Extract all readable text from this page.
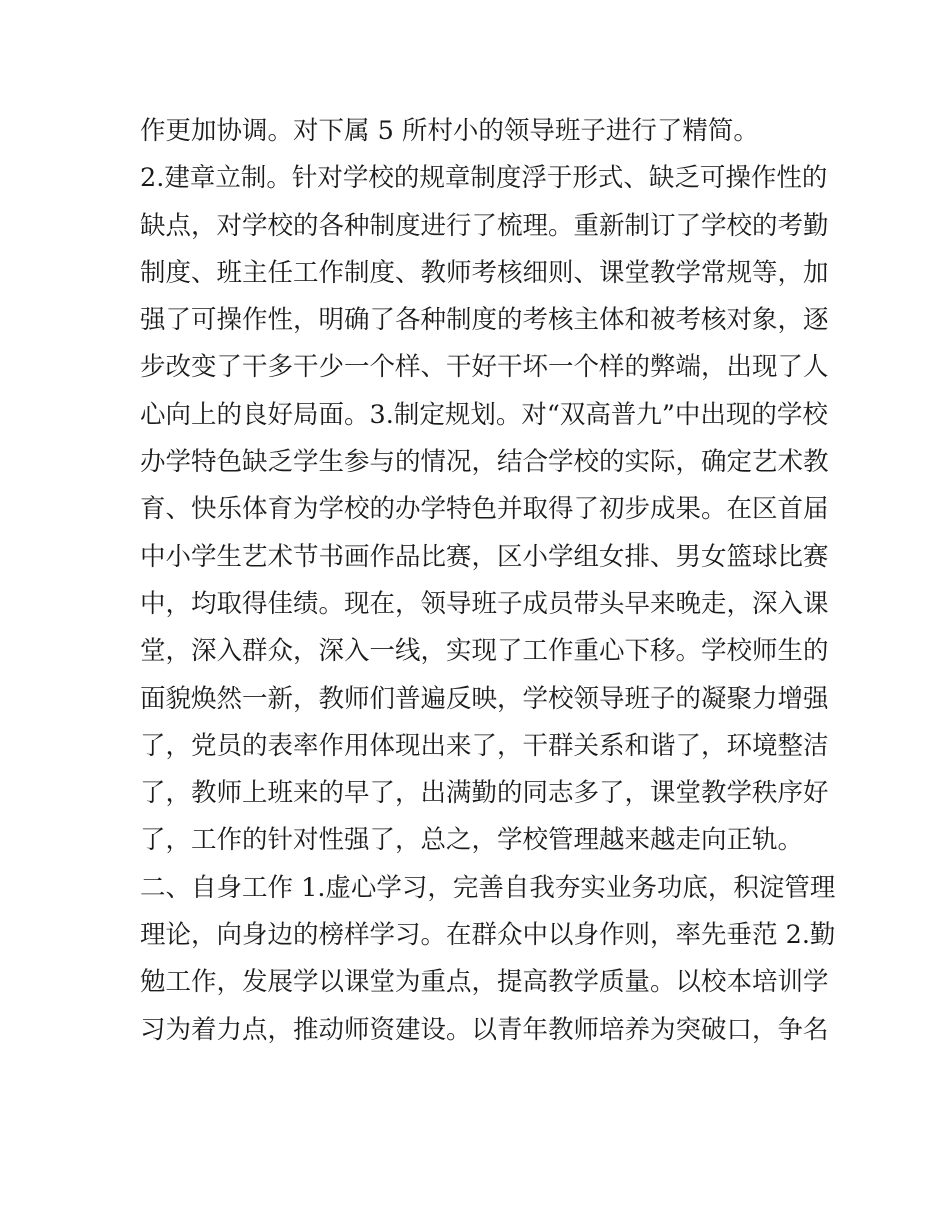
作更加协调。对下属 5 所村小的领导班子进行了精简。
2.建章立制。针对学校的规章制度浮于形式、缺乏可操作性的
缺点，对学校的各种制度进行了梳理。重新制订了学校的考勤
制度、班主任工作制度、教师考核细则、课堂教学常规等，加
强了可操作性，明确了各种制度的考核主体和被考核对象，逐
步改变了干多干少一个样、干好干坏一个样的弊端，出现了人
心向上的良好局面。3.制定规划。对“双高普九”中出现的学校
办学特色缺乏学生参与的情况，结合学校的实际，确定艺术教
育、快乐体育为学校的办学特色并取得了初步成果。在区首届
中小学生艺术节书画作品比赛，区小学组女排、男女篮球比赛
中，均取得佳绩。现在，领导班子成员带头早来晚走，深入课
堂，深入群众，深入一线，实现了工作重心下移。学校师生的
面貌焕然一新，教师们普遍反映，学校领导班子的凝聚力增强
了，党员的表率作用体现出来了，干群关系和谐了，环境整洁
了，教师上班来的早了，出满勤的同志多了，课堂教学秩序好
了，工作的针对性强了，总之，学校管理越来越走向正轨。
二、自身工作 1.虚心学习，完善自我夯实业务功底，积淀管理
理论，向身边的榜样学习。在群众中以身作则，率先垂范 2.勤
勉工作，发展学以课堂为重点，提高教学质量。以校本培训学
习为着力点，推动师资建设。以青年教师培养为突破口，争名
